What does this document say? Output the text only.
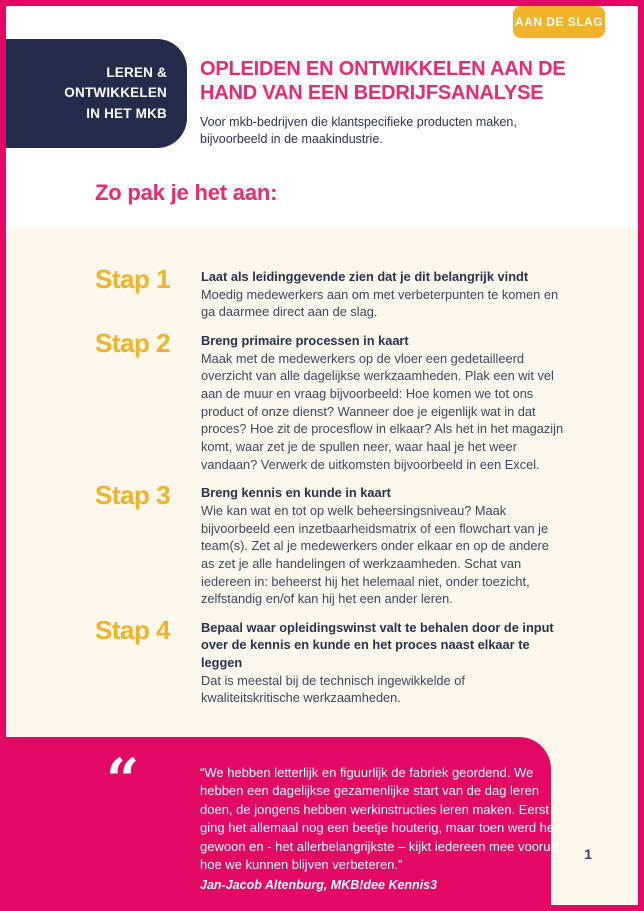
AAN DE SLAG
LEREN &
ONTWIKKELEN
IN HET MKB
OPLEIDEN EN ONTWIKKELEN AAN DE
HAND VAN EEN BEDRIJFSANALYSE

Voor mkb-bedrijven die klantspecifieke producten maken, bijvoorbeeld in de maakindustrie.

Zo pak je het aan:
Stap 1	Laat als leidinggevende zien dat je dit belangrijk vindt
Moedig medewerkers aan om met verbeterpunten te komen en ga daarmee direct aan de slag.
Stap 2	Breng primaire processen in kaart
Maak met de medewerkers op de vloer een gedetailleerd overzicht van alle dagelijkse werkzaamheden. Plak een wit vel aan de muur en vraag bijvoorbeeld: Hoe komen we tot ons product of onze dienst? Wanneer doe je eigenlijk wat in dat proces? Hoe zit de procesflow in elkaar? Als het in het magazijn komt, waar zet je de spullen neer, waar haal je het weer vandaan? Verwerk de uitkomsten bijvoorbeeld in een Excel.
Stap 3	Breng kennis en kunde in kaart
Wie kan wat en tot op welk beheersingsniveau? Maak bijvoorbeeld een inzetbaarheidsmatrix of een flowchart van je team(s). Zet al je medewerkers onder elkaar en op de andere as zet je alle handelingen of werkzaamheden. Schat van iedereen in: beheerst hij het helemaal niet, onder toezicht, zelfstandig en/of kan hij het een ander leren.
Stap 4	Bepaal waar opleidingswinst valt te behalen door de input over de kennis en kunde en het proces naast elkaar te leggen
Dat is meestal bij de technisch ingewikkelde of kwaliteitskritische werkzaamheden.
“	“We hebben letterlijk en figuurlijk de fabriek geordend. We hebben een dagelijkse gezamenlijke start van de dag leren doen, de jongens hebben werkinstructies leren maken. Eerst ging het allemaal nog een beetje houterig, maar toen werd het gewoon en - het allerbelangrijkste – kijkt iedereen mee vooruit hoe we kunnen blijven verbeteren.”
Jan-Jacob Altenburg, MKB!dee Kennis3
1
